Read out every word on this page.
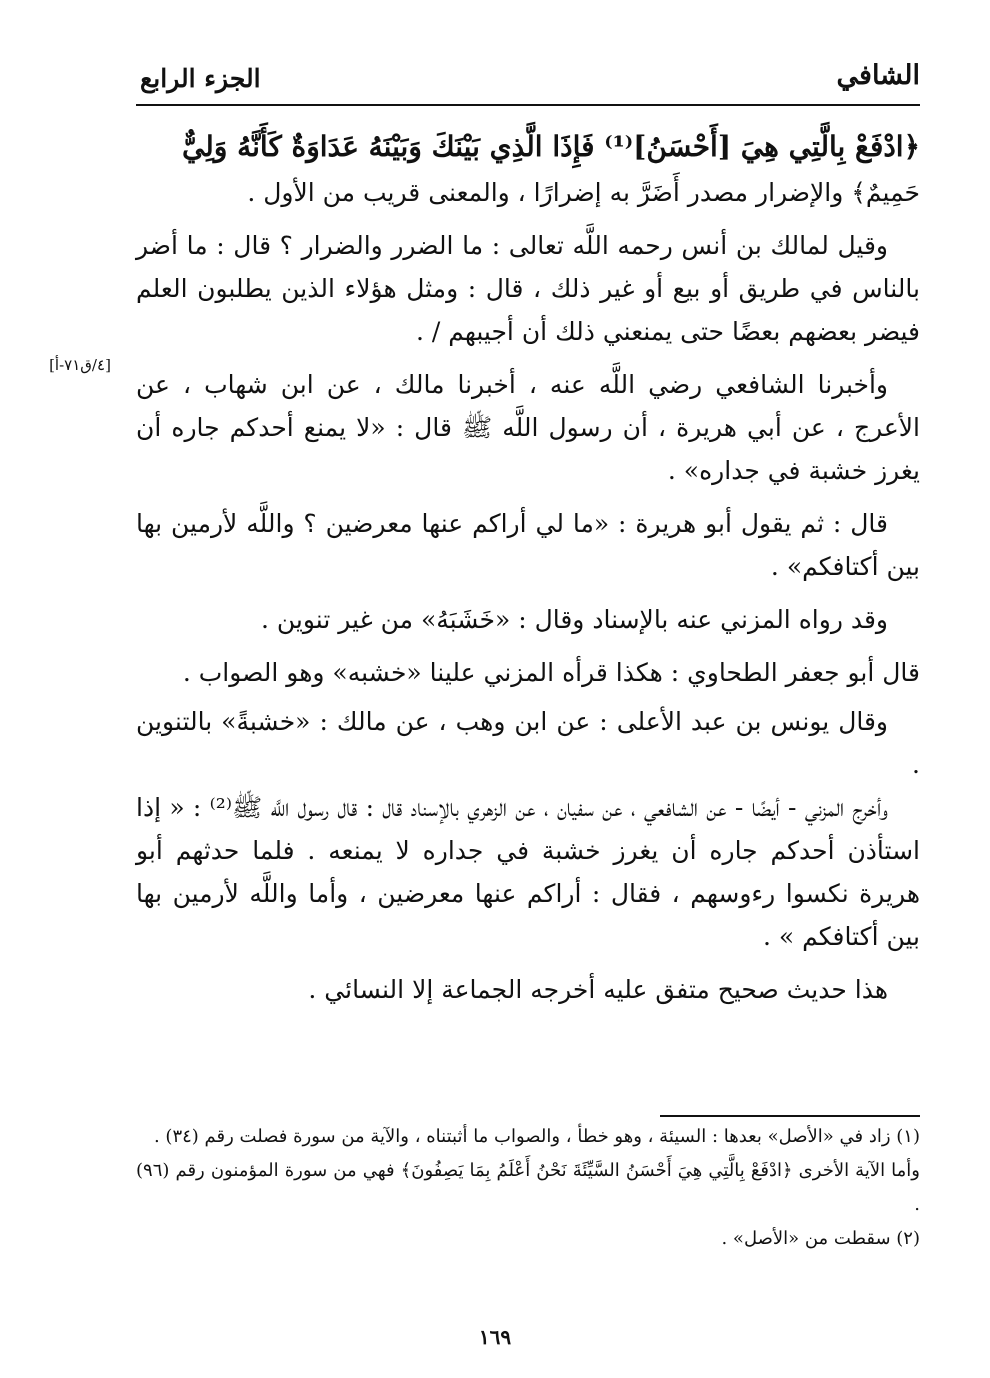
الشافي
الجزء الرابع
[٤/ق٧١-أ]

﴿ادْفَعْ بِالَّتِي هِيَ [أَحْسَنُ]⁽¹⁾ فَإِذَا الَّذِي بَيْنَكَ وَبَيْنَهُ عَدَاوَةٌ كَأَنَّهُ وَلِيٌّ

حَمِيمٌ﴾ والإضرار مصدر أَضَرَّ به إضرارًا ، والمعنى قريب من الأول .

وقيل لمالك بن أنس رحمه اللَّه تعالى : ما الضرر والضرار ؟ قال : ما أضر بالناس في طريق أو بيع أو غير ذلك ، قال : ومثل هؤلاء الذين يطلبون العلم فيضر بعضهم بعضًا حتى يمنعني ذلك أن أجيبهم / .

وأخبرنا الشافعي رضي اللَّه عنه ، أخبرنا مالك ، عن ابن شهاب ، عن الأعرج ، عن أبي هريرة ، أن رسول اللَّه ﷺ قال : «لا يمنع أحدكم جاره أن يغرز خشبة في جداره» .

قال : ثم يقول أبو هريرة : «ما لي أراكم عنها معرضين ؟ واللَّه لأرمين بها بين أكتافكم» .

وقد رواه المزني عنه بالإسناد وقال : «خَشَبَهُ» من غير تنوين .

قال أبو جعفر الطحاوي : هكذا قرأه المزني علينا «خشبه» وهو الصواب .

وقال يونس بن عبد الأعلى : عن ابن وهب ، عن مالك : «خشبةً» بالتنوين .

وأخرج المزني - أيضًا - عن الشافعي ، عن سفيان ، عن الزهري بالإسناد قال : قال رسول اللَّه ﷺ⁽²⁾ : « إذا استأذن أحدكم جاره أن يغرز خشبة في جداره لا يمنعه . فلما حدثهم أبو هريرة نكسوا رءوسهم ، فقال : أراكم عنها معرضين ، وأما واللَّه لأرمين بها بين أكتافكم » .

هذا حديث صحيح متفق عليه أخرجه الجماعة إلا النسائي .

(١) زاد في «الأصل» بعدها : السيئة ، وهو خطأ ، والصواب ما أثبتناه ، والآية من سورة فصلت رقم (٣٤) .

وأما الآية الأخرى ﴿ادْفَعْ بِالَّتِي هِيَ أَحْسَنُ السَّيِّئَةَ نَحْنُ أَعْلَمُ بِمَا يَصِفُونَ﴾ فهي من سورة المؤمنون رقم (٩٦) .

(٢) سقطت من «الأصل» .

١٦٩
